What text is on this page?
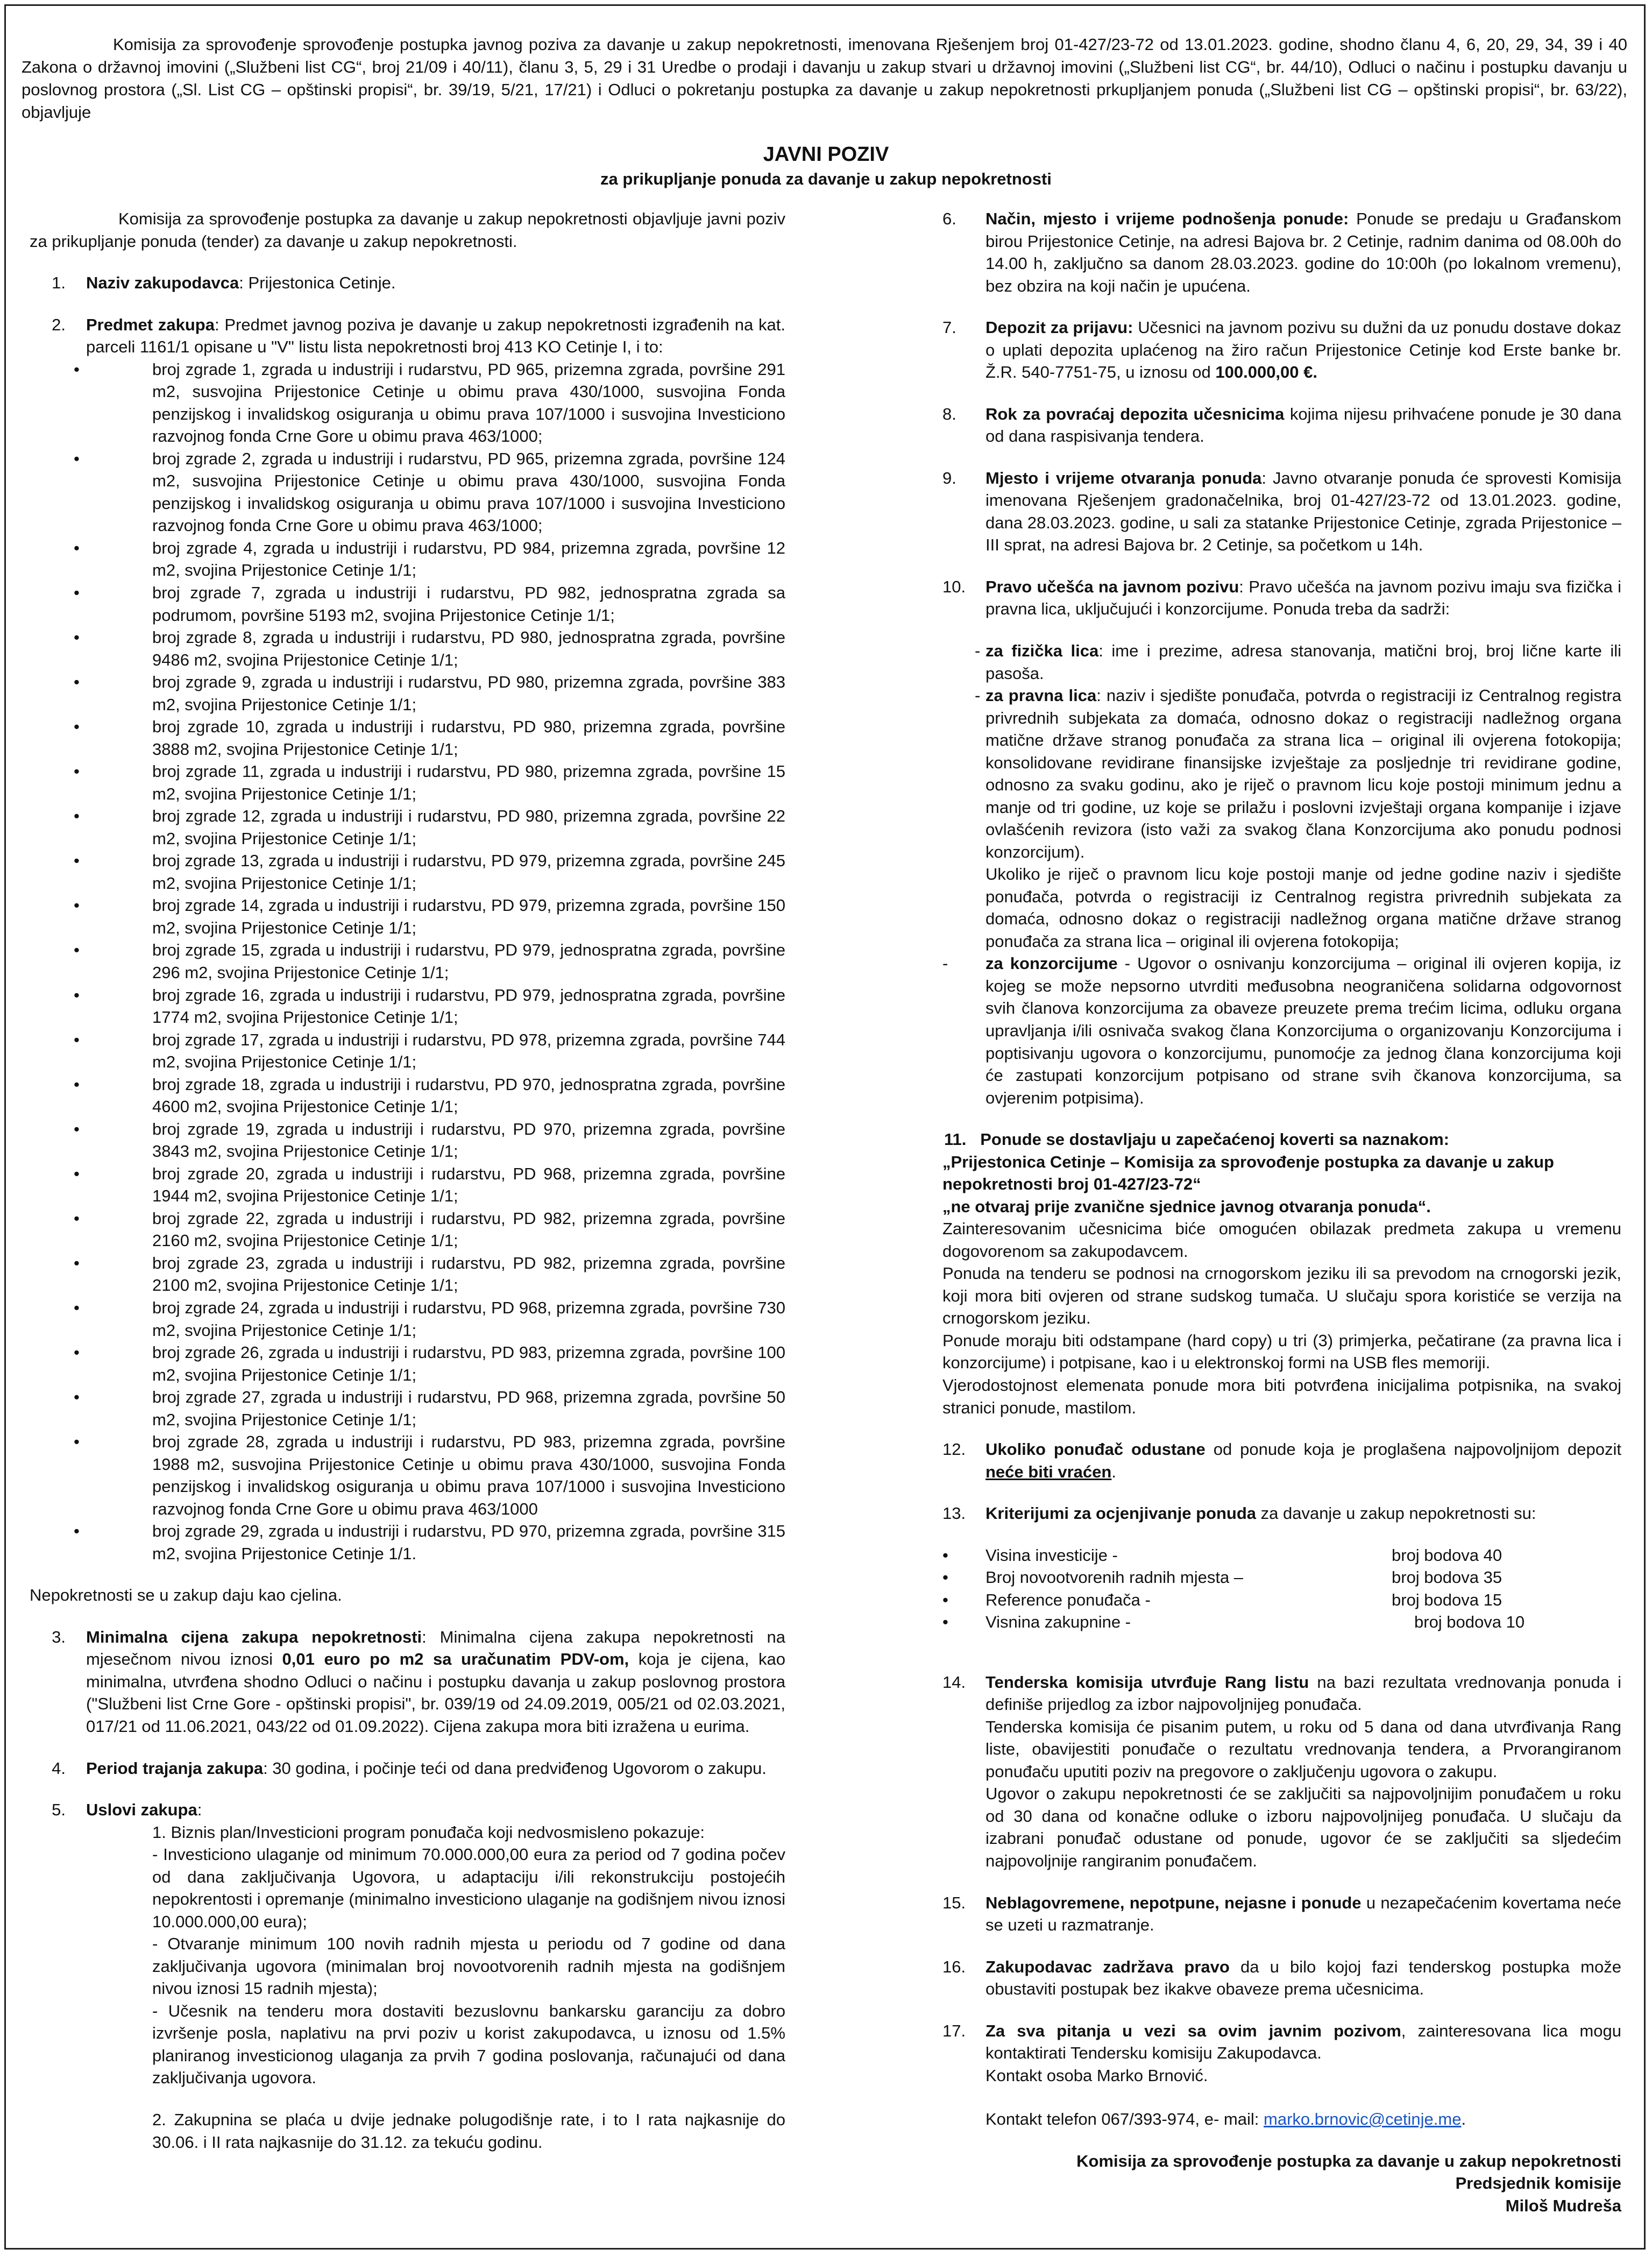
Komisija za sprovođenje sprovođenje postupka javnog poziva za davanje u zakup nepokretnosti, imenovana Rješenjem broj 01-427/23-72 od 13.01.2023. godine, shodno članu 4, 6, 20, 29, 34, 39 i 40 Zakona o državnoj imovini („Službeni list CG“, broj 21/09 i 40/11), članu 3, 5, 29 i 31 Uredbe o prodaji i davanju u zakup stvari u državnoj imovini („Službeni list CG“, br. 44/10), Odluci o načinu i postupku davanju u poslovnog prostora („Sl. List CG – opštinski propisi“, br. 39/19, 5/21, 17/21) i Odluci o pokretanju postupka za davanje u zakup nepokretnosti prkupljanjem ponuda („Službeni list CG – opštinski propisi“, br. 63/22), objavljuje
JAVNI POZIV
za prikupljanje ponuda za davanje u zakup nepokretnosti

Komisija za sprovođenje postupka za davanje u zakup nepokretnosti objavljuje javni poziv za prikupljanje ponuda (tender) za davanje u zakup nepokretnosti.

1.	Naziv zakupodavca: Prijestonica Cetinje.
2.	Predmet zakupa: Predmet javnog poziva je davanje u zakup nepokretnosti izgrađenih na kat. parceli 1161/1 opisane u "V" listu lista nepokretnosti broj 413 KO Cetinje I, i to:
•	broj zgrade 1, zgrada u industriji i rudarstvu, PD 965, prizemna zgrada, površine 291 m2, susvojina Prijestonice Cetinje u obimu prava 430/1000, susvojina Fonda penzijskog i invalidskog osiguranja u obimu prava 107/1000 i susvojina Investiciono razvojnog fonda Crne Gore u obimu prava 463/1000;
•	broj zgrade 2, zgrada u industriji i rudarstvu, PD 965, prizemna zgrada, površine 124 m2, susvojina Prijestonice Cetinje u obimu prava 430/1000, susvojina Fonda penzijskog i invalidskog osiguranja u obimu prava 107/1000 i susvojina Investiciono razvojnog fonda Crne Gore u obimu prava 463/1000;
•	broj zgrade 4, zgrada u industriji i rudarstvu, PD 984, prizemna zgrada, površine 12 m2, svojina Prijestonice Cetinje 1/1;
•	broj zgrade 7, zgrada u industriji i rudarstvu, PD 982, jednospratna zgrada sa podrumom, površine 5193 m2, svojina Prijestonice Cetinje 1/1;
•	broj zgrade 8, zgrada u industriji i rudarstvu, PD 980, jednospratna zgrada, površine 9486 m2, svojina Prijestonice Cetinje 1/1;
•	broj zgrade 9, zgrada u industriji i rudarstvu, PD 980, prizemna zgrada, površine 383 m2, svojina Prijestonice Cetinje 1/1;
•	broj zgrade 10, zgrada u industriji i rudarstvu, PD 980, prizemna zgrada, površine 3888 m2, svojina Prijestonice Cetinje 1/1;
•	broj zgrade 11, zgrada u industriji i rudarstvu, PD 980, prizemna zgrada, površine 15 m2, svojina Prijestonice Cetinje 1/1;
•	broj zgrade 12, zgrada u industriji i rudarstvu, PD 980, prizemna zgrada, površine 22 m2, svojina Prijestonice Cetinje 1/1;
•	broj zgrade 13, zgrada u industriji i rudarstvu, PD 979, prizemna zgrada, površine 245 m2, svojina Prijestonice Cetinje 1/1;
•	broj zgrade 14, zgrada u industriji i rudarstvu, PD 979, prizemna zgrada, površine 150 m2, svojina Prijestonice Cetinje 1/1;
•	broj zgrade 15, zgrada u industriji i rudarstvu, PD 979, jednospratna zgrada, površine 296 m2, svojina Prijestonice Cetinje 1/1;
•	broj zgrade 16, zgrada u industriji i rudarstvu, PD 979, jednospratna zgrada, površine 1774 m2, svojina Prijestonice Cetinje 1/1;
•	broj zgrade 17, zgrada u industriji i rudarstvu, PD 978, prizemna zgrada, površine 744 m2, svojina Prijestonice Cetinje 1/1;
•	broj zgrade 18, zgrada u industriji i rudarstvu, PD 970, jednospratna zgrada, površine 4600 m2, svojina Prijestonice Cetinje 1/1;
•	broj zgrade 19, zgrada u industriji i rudarstvu, PD 970, prizemna zgrada, površine 3843 m2, svojina Prijestonice Cetinje 1/1;
•	broj zgrade 20, zgrada u industriji i rudarstvu, PD 968, prizemna zgrada, površine 1944 m2, svojina Prijestonice Cetinje 1/1;
•	broj zgrade 22, zgrada u industriji i rudarstvu, PD 982, prizemna zgrada, površine 2160 m2, svojina Prijestonice Cetinje 1/1;
•	broj zgrade 23, zgrada u industriji i rudarstvu, PD 982, prizemna zgrada, površine 2100 m2, svojina Prijestonice Cetinje 1/1;
•	broj zgrade 24, zgrada u industriji i rudarstvu, PD 968, prizemna zgrada, površine 730 m2, svojina Prijestonice Cetinje 1/1;
•	broj zgrade 26, zgrada u industriji i rudarstvu, PD 983, prizemna zgrada, površine 100 m2, svojina Prijestonice Cetinje 1/1;
•	broj zgrade 27, zgrada u industriji i rudarstvu, PD 968, prizemna zgrada, površine 50 m2, svojina Prijestonice Cetinje 1/1;
•	broj zgrade 28, zgrada u industriji i rudarstvu, PD 983, prizemna zgrada, površine 1988 m2, susvojina Prijestonice Cetinje u obimu prava 430/1000, susvojina Fonda penzijskog i invalidskog osiguranja u obimu prava 107/1000 i susvojina Investiciono razvojnog fonda Crne Gore u obimu prava 463/1000
•	broj zgrade 29, zgrada u industriji i rudarstvu, PD 970, prizemna zgrada, površine 315 m2, svojina Prijestonice Cetinje 1/1.

Nepokretnosti se u zakup daju kao cjelina.

3.	Minimalna cijena zakupa nepokretnosti: Minimalna cijena zakupa nepokretnosti na mjesečnom nivou iznosi 0,01 euro po m2 sa uračunatim PDV-om, koja je cijena, kao minimalna, utvrđena shodno Odluci o načinu i postupku davanja u zakup poslovnog prostora ("Službeni list Crne Gore - opštinski propisi", br. 039/19 od 24.09.2019, 005/21 od 02.03.2021, 017/21 od 11.06.2021, 043/22 od 01.09.2022). Cijena zakupa mora biti izražena u eurima.
4.	Period trajanja zakupa: 30 godina, i počinje teći od dana predviđenog Ugovorom o zakupu.
5.	Uslovi zakupa:
1. Biznis plan/Investicioni program ponuđača koji nedvosmisleno pokazuje:
- Investiciono ulaganje od minimum 70.000.000,00 eura za period od 7 godina počev od dana zaključivanja Ugovora, u adaptaciju i/ili rekonstrukciju postojećih nepokrentosti i opremanje (minimalno investiciono ulaganje na godišnjem nivou iznosi 10.000.000,00 eura);
- Otvaranje minimum 100 novih radnih mjesta u periodu od 7 godine od dana zaključivanja ugovora (minimalan broj novootvorenih radnih mjesta na godišnjem nivou iznosi 15 radnih mjesta);
- Učesnik na tenderu mora dostaviti bezuslovnu bankarsku garanciju za dobro izvršenje posla, naplativu na prvi poziv u korist zakupodavca, u iznosu od 1.5% planiranog investicionog ulaganja za prvih 7 godina poslovanja, računajući od dana zaključivanja ugovora.
2. Zakupnina se plaća u dvije jednake polugodišnje rate, i to I rata najkasnije do 30.06. i II rata najkasnije do 31.12. za tekuću godinu.
6.	Način, mjesto i vrijeme podnošenja ponude: Ponude se predaju u Građanskom birou Prijestonice Cetinje, na adresi Bajova br. 2 Cetinje, radnim danima od 08.00h do 14.00 h, zaključno sa danom 28.03.2023. godine do 10:00h (po lokalnom vremenu), bez obzira na koji način je upućena.
7.	Depozit za prijavu: Učesnici na javnom pozivu su dužni da uz ponudu dostave dokaz o uplati depozita uplaćenog na žiro račun Prijestonice Cetinje kod Erste banke br. Ž.R. 540-7751-75, u iznosu od 100.000,00 €.
8.	Rok za povraćaj depozita učesnicima kojima nijesu prihvaćene ponude je 30 dana od dana raspisivanja tendera.
9.	Mjesto i vrijeme otvaranja ponuda: Javno otvaranje ponuda će sprovesti Komisija imenovana Rješenjem gradonačelnika, broj 01-427/23-72 od 13.01.2023. godine, dana 28.03.2023. godine, u sali za statanke Prijestonice Cetinje, zgrada Prijestonice – III sprat, na adresi Bajova br. 2 Cetinje, sa početkom u 14h.
10.	Pravo učešća na javnom pozivu: Pravo učešća na javnom pozivu imaju sva fizička i pravna lica, uključujući i konzorcijume. Ponuda treba da sadrži:
- za fizička lica: ime i prezime, adresa stanovanja, matični broj, broj lične karte ili pasoša.
- za pravna lica: naziv i sjedište ponuđača, potvrda o registraciji iz Centralnog registra privrednih subjekata za domaća, odnosno dokaz o registraciji nadležnog organa matične države stranog ponuđača za strana lica – original ili ovjerena fotokopija; konsolidovane revidirane finansijske izvještaje za posljednje tri revidirane godine, odnosno za svaku godinu, ako je riječ o pravnom licu koje postoji minimum jednu a manje od tri godine, uz koje se prilažu i poslovni izvještaji organa kompanije i izjave ovlašćenih revizora (isto važi za svakog člana Konzorcijuma ako ponudu podnosi konzorcijum).
Ukoliko je riječ o pravnom licu koje postoji manje od jedne godine naziv i sjedište ponuđača, potvrda o registraciji iz Centralnog registra privrednih subjekata za domaća, odnosno dokaz o registraciji nadležnog organa matične države stranog ponuđača za strana lica – original ili ovjerena fotokopija;
-	za konzorcijume - Ugovor o osnivanju konzorcijuma – original ili ovjeren kopija, iz kojeg se može nepsorno utvrditi međusobna neograničena solidarna odgovornost svih članova konzorcijuma za obaveze preuzete prema trećim licima, odluku organa upravljanja i/ili osnivača svakog člana Konzorcijuma o organizovanju Konzorcijuma i poptisivanju ugovora o konzorcijumu, punomoćje za jednog člana konzorcijuma koji će zastupati konzorcijum potpisano od strane svih čkanova konzorcijuma, sa ovjerenim potpisima).
11. Ponude se dostavljaju u zapečaćenoj koverti sa naznakom:
„Prijestonica Cetinje – Komisija za sprovođenje postupka za davanje u zakup nepokretnosti broj 01-427/23-72“
„ne otvaraj prije zvanične sjednice javnog otvaranja ponuda“.
Zainteresovanim učesnicima biće omogućen obilazak predmeta zakupa u vremenu dogovorenom sa zakupodavcem.
Ponuda na tenderu se podnosi na crnogorskom jeziku ili sa prevodom na crnogorski jezik, koji mora biti ovjeren od strane sudskog tumača. U slučaju spora koristiće se verzija na crnogorskom jeziku.
Ponude moraju biti odstampane (hard copy) u tri (3) primjerka, pečatirane (za pravna lica i konzorcijume) i potpisane, kao i u elektronskoj formi na USB fles memoriji.
Vjerodostojnost elemenata ponude mora biti potvrđena inicijalima potpisnika, na svakoj stranici ponude, mastilom.
12.	Ukoliko ponuđač odustane od ponude koja je proglašena najpovoljnijom depozit neće biti vraćen.
13.	Kriterijumi za ocjenjivanje ponuda za davanje u zakup nepokretnosti su:
•	Visina investicije -	broj bodova 40
•	Broj novootvorenih radnih mjesta –	broj bodova 35
•	Reference ponuđača -	broj bodova 15
•	Visnina zakupnine -	broj bodova 10
14.	Tenderska komisija utvrđuje Rang listu na bazi rezultata vrednovanja ponuda i definiše prijedlog za izbor najpovoljnijeg ponuđača.
Tenderska komisija će pisanim putem, u roku od 5 dana od dana utvrđivanja Rang liste, obavijestiti ponuđače o rezultatu vrednovanja tendera, a Prvorangiranom ponuđaču uputiti poziv na pregovore o zaključenju ugovora o zakupu.
Ugovor o zakupu nepokretnosti će se zaključiti sa najpovoljnijim ponuđačem u roku od 30 dana od konačne odluke o izboru najpovoljnijeg ponuđača. U slučaju da izabrani ponuđač odustane od ponude, ugovor će se zaključiti sa sljedećim najpovoljnije rangiranim ponuđačem.
15.	Neblagovremene, nepotpune, nejasne i ponude u nezapečaćenim kovertama neće se uzeti u razmatranje.
16.	Zakupodavac zadržava pravo da u bilo kojoj fazi tenderskog postupka može obustaviti postupak bez ikakve obaveze prema učesnicima.
17.	Za sva pitanja u vezi sa ovim javnim pozivom, zainteresovana lica mogu kontaktirati Tendersku komisiju Zakupodavca.
Kontakt osoba Marko Brnović.
Kontakt telefon 067/393-974, e- mail: marko.brnovic@cetinje.me.
Komisija za sprovođenje postupka za davanje u zakup nepokretnosti
Predsjednik komisije
Miloš Mudreša
